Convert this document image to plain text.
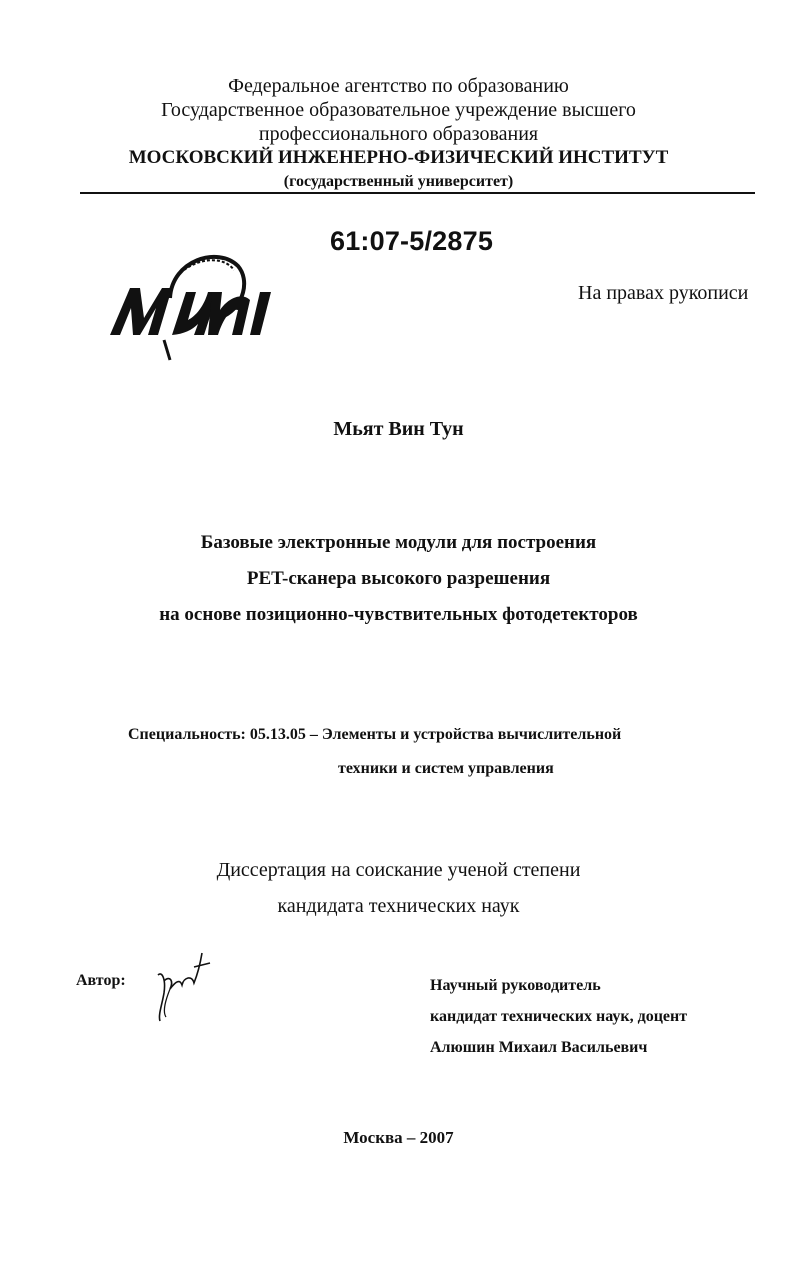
Федеральное агентство по образованию
Государственное образовательное учреждение высшего
профессионального образования
МОСКОВСКИЙ ИНЖЕНЕРНО-ФИЗИЧЕСКИЙ ИНСТИТУТ
(государственный университет)
61:07-5/2875
На правах рукописи
Мьят Вин Тун
Базовые электронные модули для построения
PET-сканера высокого разрешения
на основе позиционно-чувствительных фотодетекторов
Специальность: 05.13.05 – Элементы и устройства вычислительной
техники и систем управления
Диссертация на соискание ученой степени
кандидата технических наук
Автор:	Научный руководитель
кандидат технических наук, доцент
Алюшин Михаил Васильевич
Москва – 2007
